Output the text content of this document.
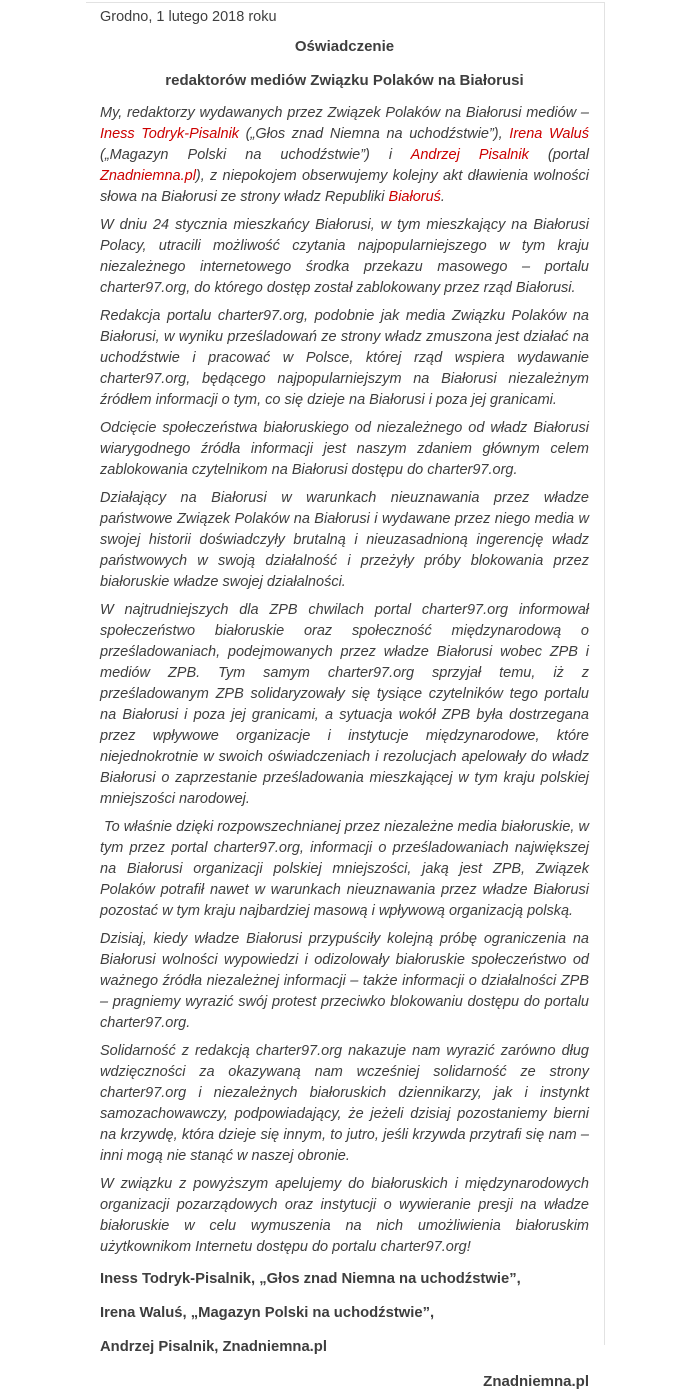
Grodno, 1 lutego 2018 roku

Oświadczenie
redaktorów mediów Związku Polaków na Białorusi

My, redaktorzy wydawanych przez Związek Polaków na Białorusi mediów – Iness Todryk-Pisalnik („Głos znad Niemna na uchodźstwie”), Irena Waluś („Magazyn Polski na uchodźstwie”) i Andrzej Pisalnik (portal Znadniemna.pl), z niepokojem obserwujemy kolejny akt dławienia wolności słowa na Białorusi ze strony władz Republiki Białoruś.

W dniu 24 stycznia mieszkańcy Białorusi, w tym mieszkający na Białorusi Polacy, utracili możliwość czytania najpopularniejszego w tym kraju niezależnego internetowego środka przekazu masowego – portalu charter97.org, do którego dostęp został zablokowany przez rząd Białorusi.

Redakcja portalu charter97.org, podobnie jak media Związku Polaków na Białorusi, w wyniku prześladowań ze strony władz zmuszona jest działać na uchodźstwie i pracować w Polsce, której rząd wspiera wydawanie charter97.org, będącego najpopularniejszym na Białorusi niezależnym źródłem informacji o tym, co się dzieje na Białorusi i poza jej granicami.

Odcięcie społeczeństwa białoruskiego od niezależnego od władz Białorusi wiarygodnego źródła informacji jest naszym zdaniem głównym celem zablokowania czytelnikom na Białorusi dostępu do charter97.org.

Działający na Białorusi w warunkach nieuznawania przez władze państwowe Związek Polaków na Białorusi i wydawane przez niego media w swojej historii doświadczyły brutalną i nieuzasadnioną ingerencję władz państwowych w swoją działalność i przeżyły próby blokowania przez białoruskie władze swojej działalności.

W najtrudniejszych dla ZPB chwilach portal charter97.org informował społeczeństwo białoruskie oraz społeczność międzynarodową o prześladowaniach, podejmowanych przez władze Białorusi wobec ZPB i mediów ZPB. Tym samym charter97.org sprzyjał temu, iż z prześladowanym ZPB solidaryzowały się tysiące czytelników tego portalu na Białorusi i poza jej granicami, a sytuacja wokół ZPB była dostrzegana przez wpływowe organizacje i instytucje międzynarodowe, które niejednokrotnie w swoich oświadczeniach i rezolucjach apelowały do władz Białorusi o zaprzestanie prześladowania mieszkającej w tym kraju polskiej mniejszości narodowej.

To właśnie dzięki rozpowszechnianej przez niezależne media białoruskie, w tym przez portal charter97.org, informacji o prześladowaniach największej na Białorusi organizacji polskiej mniejszości, jaką jest ZPB, Związek Polaków potrafił nawet w warunkach nieuznawania przez władze Białorusi pozostać w tym kraju najbardziej masową i wpływową organizacją polską.

Dzisiaj, kiedy władze Białorusi przypuściły kolejną próbę ograniczenia na Białorusi wolności wypowiedzi i odizolowały białoruskie społeczeństwo od ważnego źródła niezależnej informacji – także informacji o działalności ZPB – pragniemy wyrazić swój protest przeciwko blokowaniu dostępu do portalu charter97.org.

Solidarność z redakcją charter97.org nakazuje nam wyrazić zarówno dług wdzięczności za okazywaną nam wcześniej solidarność ze strony charter97.org i niezależnych białoruskich dziennikarzy, jak i instynkt samozachowawczy, podpowiadający, że jeżeli dzisiaj pozostaniemy bierni na krzywdę, która dzieje się innym, to jutro, jeśli krzywda przytrafi się nam – inni mogą nie stanąć w naszej obronie.

W związku z powyższym apelujemy do białoruskich i międzynarodowych organizacji pozarządowych oraz instytucji o wywieranie presji na władze białoruskie w celu wymuszenia na nich umożliwienia białoruskim użytkownikom Internetu dostępu do portalu charter97.org!

Iness Todryk-Pisalnik, „Głos znad Niemna na uchodźstwie”,

Irena Waluś, „Magazyn Polski na uchodźstwie”,

Andrzej Pisalnik, Znadniemna.pl

Znadniemna.pl
